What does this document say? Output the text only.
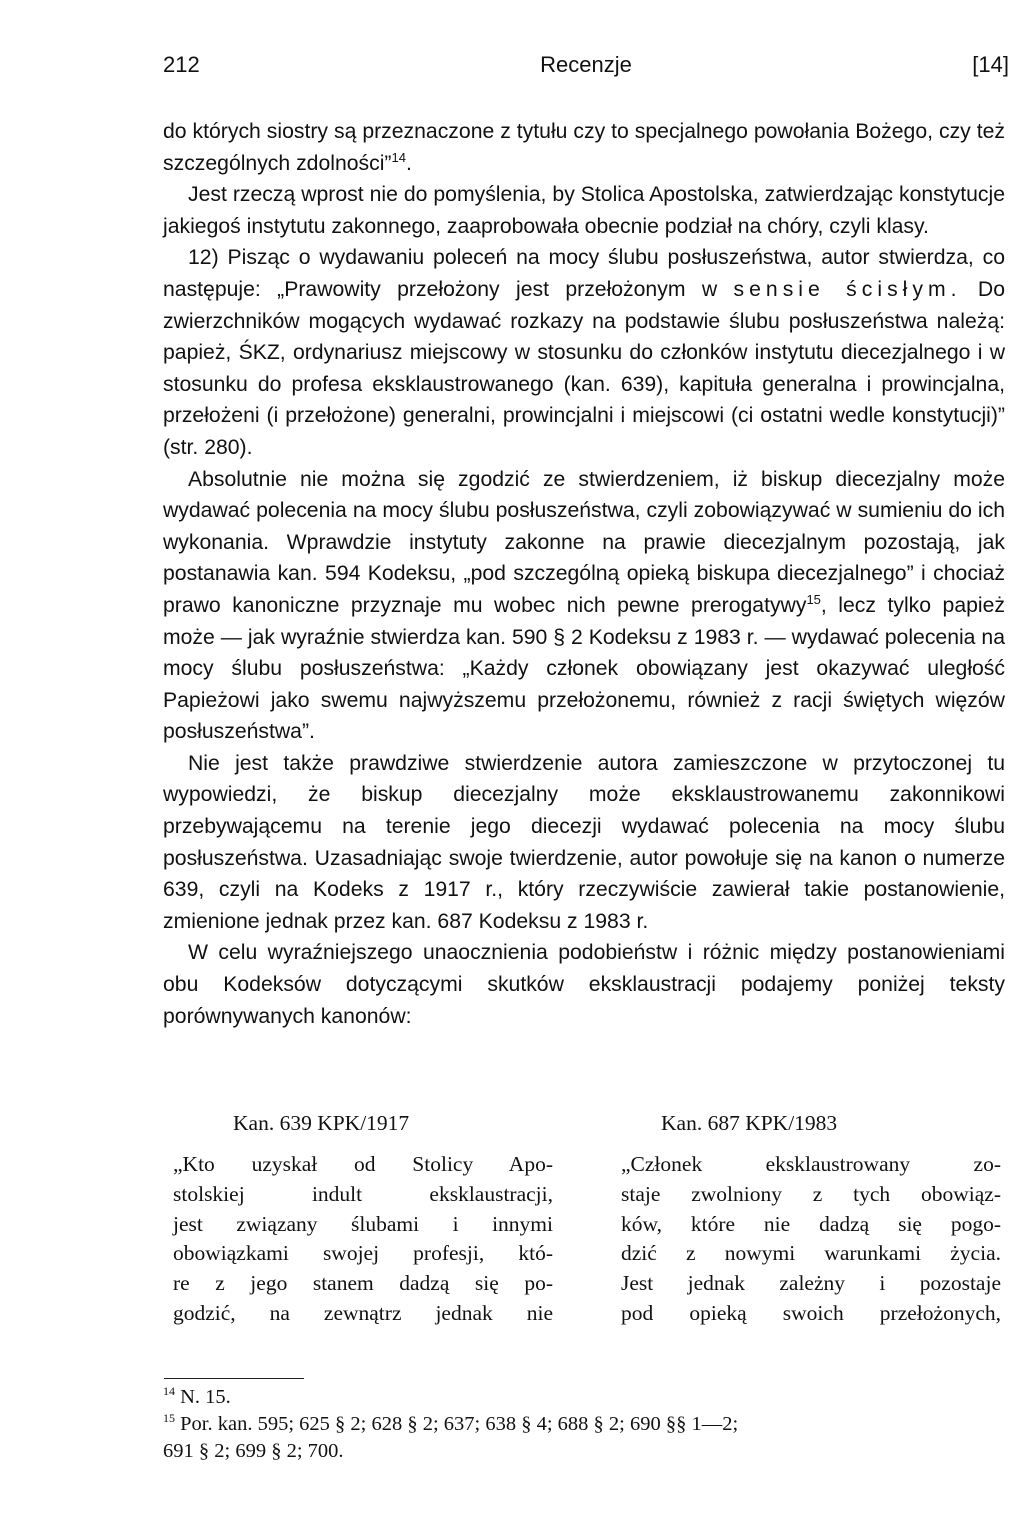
212	Recenzje	[14]

do których siostry są przeznaczone z tytułu czy to specjalnego powołania Bożego, czy też szczególnych zdolności”$^{14}$.

Jest rzeczą wprost nie do pomyślenia, by Stolica Apostolska, zatwierdzając konstytucje jakiegoś instytutu zakonnego, zaaprobowała obecnie podział na chóry, czyli klasy.

12) Pisząc o wydawaniu poleceń na mocy ślubu posłuszeństwa, autor stwierdza, co następuje: „Prawowity przełożony jest przełożonym w sensie ścisłym. Do zwierzchników mogących wydawać rozkazy na podstawie ślubu posłuszeństwa należą: papież, ŚKZ, ordynariusz miejscowy w stosunku do członków instytutu diecezjalnego i w stosunku do profesa eksklaustrowanego (kan. 639), kapituła generalna i prowincjalna, przełożeni (i przełożone) generalni, prowincjalni i miejscowi (ci ostatni wedle konstytucji)” (str. 280).

Absolutnie nie można się zgodzić ze stwierdzeniem, iż biskup diecezjalny może wydawać polecenia na mocy ślubu posłuszeństwa, czyli zobowiązywać w sumieniu do ich wykonania. Wprawdzie instytuty zakonne na prawie diecezjalnym pozostają, jak postanawia kan. 594 Kodeksu, „pod szczególną opieką biskupa diecezjalnego” i chociaż prawo kanoniczne przyznaje mu wobec nich pewne prerogatywy$^{15}$, lecz tylko papież może — jak wyraźnie stwierdza kan. 590 § 2 Kodeksu z 1983 r. — wydawać polecenia na mocy ślubu posłuszeństwa: „Każdy członek obowiązany jest okazywać uległość Papieżowi jako swemu najwyższemu przełożonemu, również z racji świętych więzów posłuszeństwa”.

Nie jest także prawdziwe stwierdzenie autora zamieszczone w przytoczonej tu wypowiedzi, że biskup diecezjalny może eksklaustrowanemu zakonnikowi przebywającemu na terenie jego diecezji wydawać polecenia na mocy ślubu posłuszeństwa. Uzasadniając swoje twierdzenie, autor powołuje się na kanon o numerze 639, czyli na Kodeks z 1917 r., który rzeczywiście zawierał takie postanowienie, zmienione jednak przez kan. 687 Kodeksu z 1983 r.

W celu wyraźniejszego unaocznienia podobieństw i różnic między postanowieniami obu Kodeksów dotyczącymi skutków eksklaustracji podajemy poniżej teksty porównywanych kanonów:

Kan. 639 KPK/1917
„Kto uzyskał od Stolicy Apo-
stolskiej indult eksklaustracji,
jest związany ślubami i innymi
obowiązkami swojej profesji, któ-
re z jego stanem dadzą się po-
godzić, na zewnątrz jednak nie
Kan. 687 KPK/1983
„Członek eksklaustrowany zo-
staje zwolniony z tych obowiąz-
ków, które nie dadzą się pogo-
dzić z nowymi warunkami życia.
Jest jednak zależny i pozostaje
pod opieką swoich przełożonych,

$^{14}$ N. 15.

$^{15}$ Por. kan. 595; 625 § 2; 628 § 2; 637; 638 § 4; 688 § 2; 690 §§ 1—2;

691 § 2; 699 § 2; 700.
